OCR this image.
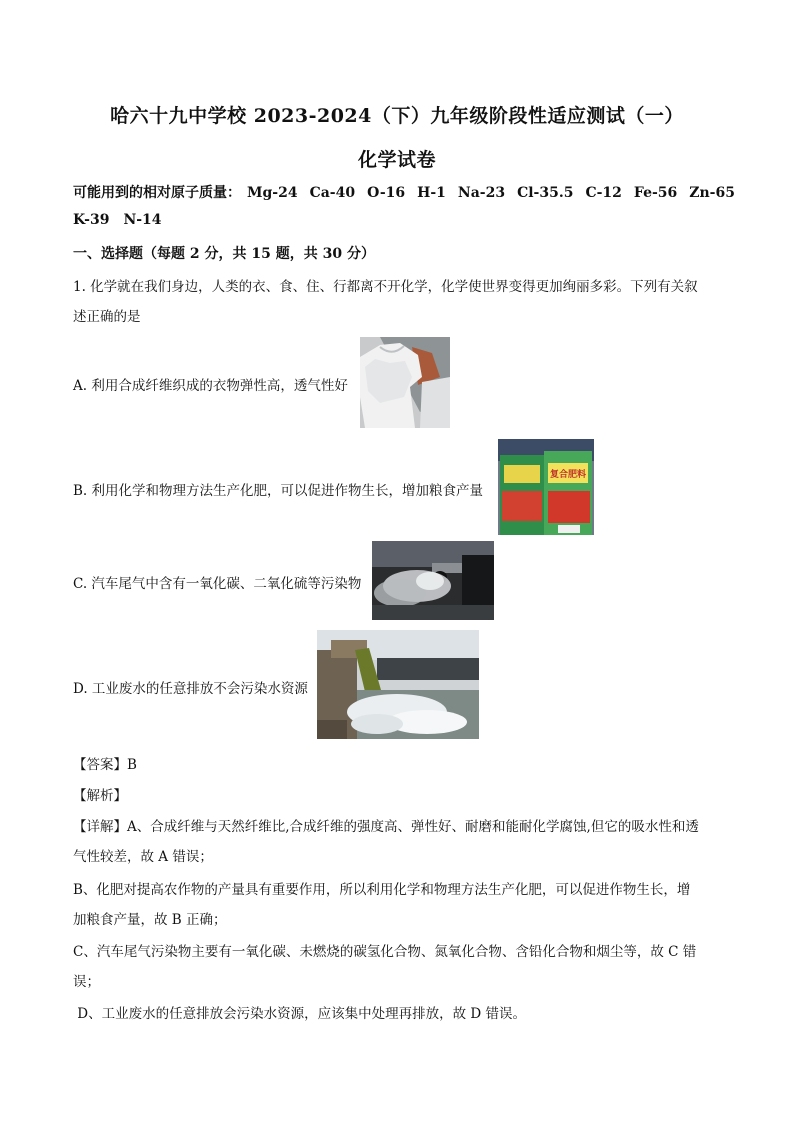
哈六十九中学校 2023-2024（下）九年级阶段性适应测试（一）
化学试卷
可能用到的相对原子质量： Mg-24 Ca-40 O-16 H-1 Na-23 Cl-35.5 C-12 Fe-56 Zn-65
K-39 N-14
一、选择题（每题 2 分，共 15 题，共 30 分）
1. 化学就在我们身边，人类的衣、食、住、行都离不开化学，化学使世界变得更加绚丽多彩。下列有关叙
述正确的是
A. 利用合成纤维织成的衣物弹性高，透气性好
B. 利用化学和物理方法生产化肥，可以促进作物生长，增加粮食产量
复合肥料
C. 汽车尾气中含有一氧化碳、二氧化硫等污染物
D. 工业废水的任意排放不会污染水资源
【答案】B
【解析】
【详解】A、合成纤维与天然纤维比,合成纤维的强度高、弹性好、耐磨和能耐化学腐蚀,但它的吸水性和透
气性较差，故 A 错误；
B、化肥对提高农作物的产量具有重要作用，所以利用化学和物理方法生产化肥，可以促进作物生长，增
加粮食产量，故 B 正确；
C、汽车尾气污染物主要有一氧化碳、未燃烧的碳氢化合物、氮氧化合物、含铅化合物和烟尘等，故 C 错
误；
D、工业废水的任意排放会污染水资源，应该集中处理再排放，故 D 错误。
